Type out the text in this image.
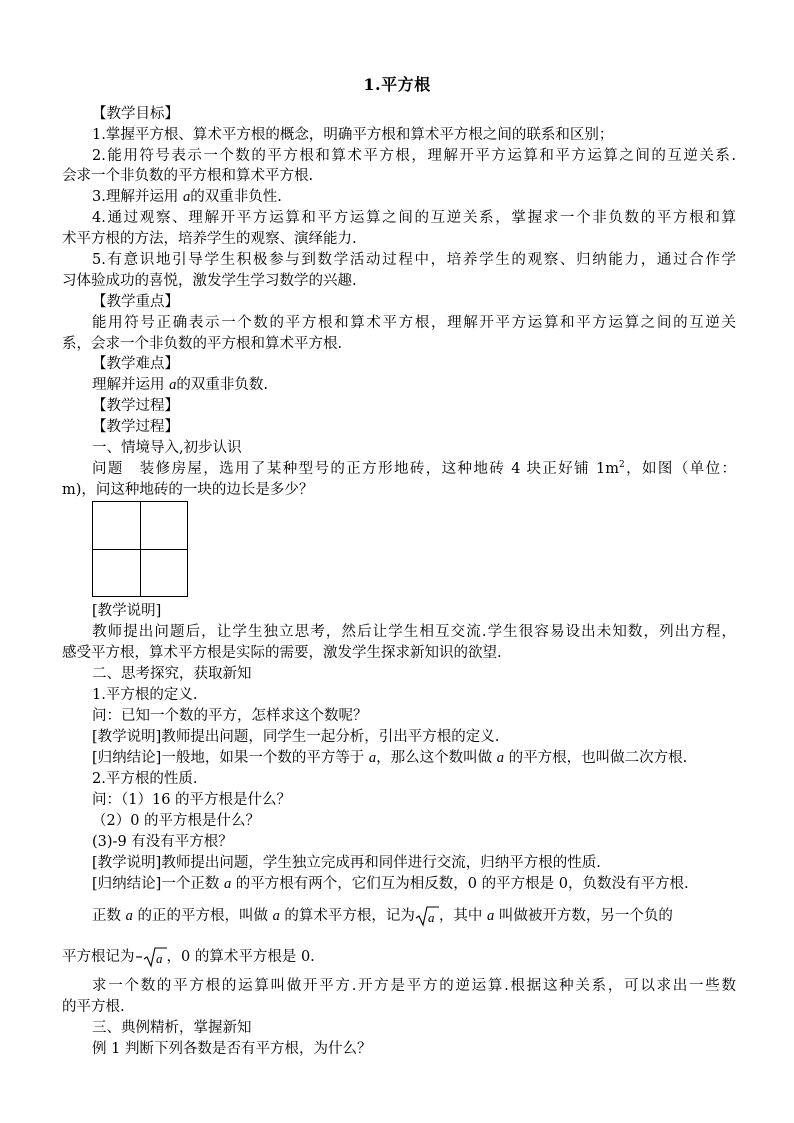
1.平方根
【教学目标】
1.掌握平方根、算术平方根的概念，明确平方根和算术平方根之间的联系和区别；
2.能用符号表示一个数的平方根和算术平方根，理解开平方运算和平方运算之间的互逆关系.
会求一个非负数的平方根和算术平方根.
3.理解并运用 a的双重非负性.
4.通过观察、理解开平方运算和平方运算之间的互逆关系，掌握求一个非负数的平方根和算
术平方根的方法，培养学生的观察、演绎能力.
5.有意识地引导学生积极参与到数学活动过程中，培养学生的观察、归纳能力，通过合作学
习体验成功的喜悦，激发学生学习数学的兴趣.
【教学重点】
能用符号正确表示一个数的平方根和算术平方根，理解开平方运算和平方运算之间的互逆关
系，会求一个非负数的平方根和算术平方根.
【教学难点】
理解并运用 a的双重非负数.
【教学过程】
【教学过程】
一、情境导入,初步认识
问题　装修房屋，选用了某种型号的正方形地砖，这种地砖 4 块正好铺 $1m^2$，如图（单位：
m)，问这种地砖的一块的边长是多少？
[教学说明]
教师提出问题后，让学生独立思考，然后让学生相互交流.学生很容易设出未知数，列出方程，
感受平方根，算术平方根是实际的需要，激发学生探求新知识的欲望.
二、思考探究，获取新知
1.平方根的定义.
问：已知一个数的平方，怎样求这个数呢？
[教学说明]教师提出问题，同学生一起分析，引出平方根的定义.
[归纳结论]一般地，如果一个数的平方等于 a，那么这个数叫做 a 的平方根，也叫做二次方根.
2.平方根的性质.
问：（1）16 的平方根是什么？
（2）0 的平方根是什么？
(3)-9 有没有平方根？
[教学说明]教师提出问题，学生独立完成再和同伴进行交流，归纳平方根的性质.
[归纳结论]一个正数 a 的平方根有两个，它们互为相反数，0 的平方根是 0，负数没有平方根.
正数 a 的正的平方根，叫做 a 的算术平方根，记为 a ，其中 a 叫做被开方数，另一个负的
平方根记为 a ，0 的算术平方根是 0.
求一个数的平方根的运算叫做开平方.开方是平方的逆运算.根据这种关系，可以求出一些数
的平方根.
三、典例精析，掌握新知
例 1 判断下列各数是否有平方根，为什么？
